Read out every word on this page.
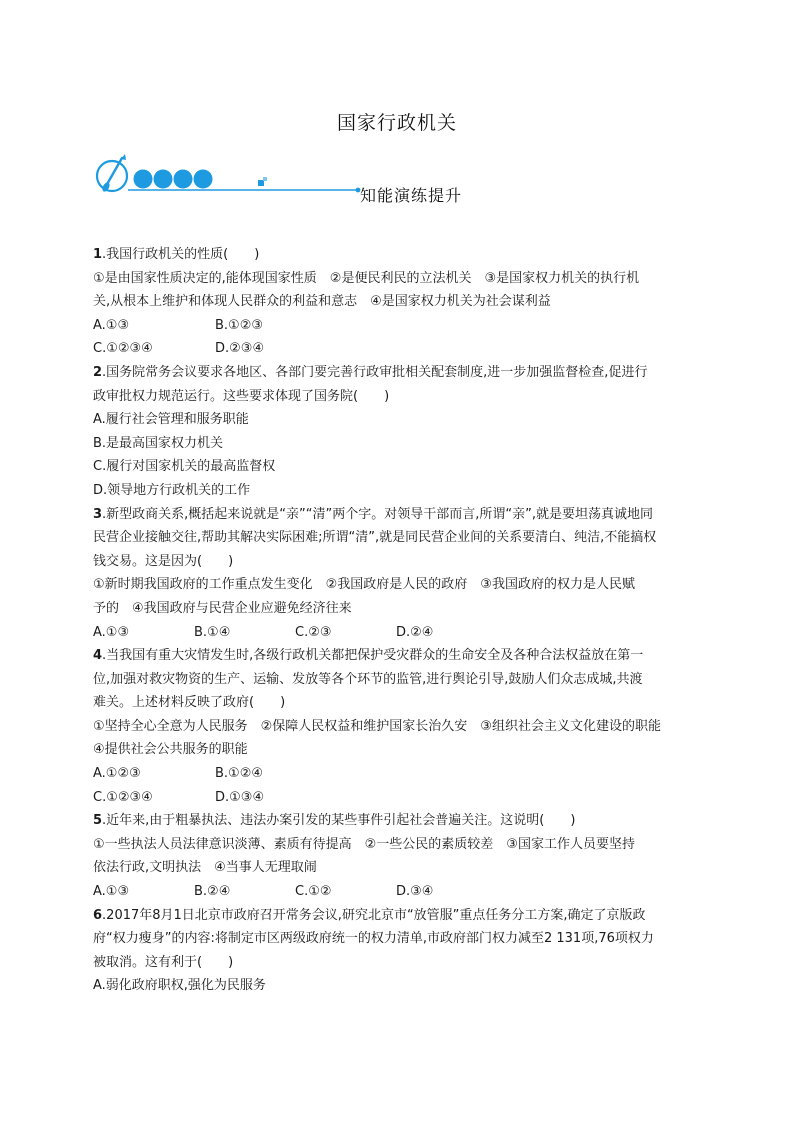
国家行政机关
知能演练提升
1.我国行政机关的性质(　　)
①是由国家性质决定的,能体现国家性质　②是便民利民的立法机关　③是国家权力机关的执行机
关,从根本上维护和体现人民群众的利益和意志　④是国家权力机关为社会谋利益
A.①③	B.①②③
C.①②③④	D.②③④
2.国务院常务会议要求各地区、各部门要完善行政审批相关配套制度,进一步加强监督检查,促进行
政审批权力规范运行。这些要求体现了国务院(　　)
A.履行社会管理和服务职能
B.是最高国家权力机关
C.履行对国家机关的最高监督权
D.领导地方行政机关的工作
3.新型政商关系,概括起来说就是“亲”“清”两个字。对领导干部而言,所谓“亲”,就是要坦荡真诚地同
民营企业接触交往,帮助其解决实际困难;所谓“清”,就是同民营企业间的关系要清白、纯洁,不能搞权
钱交易。这是因为(　　)
①新时期我国政府的工作重点发生变化　②我国政府是人民的政府　③我国政府的权力是人民赋
予的　④我国政府与民营企业应避免经济往来
A.①③	B.①④	C.②③	D.②④
4.当我国有重大灾情发生时,各级行政机关都把保护受灾群众的生命安全及各种合法权益放在第一
位,加强对救灾物资的生产、运输、发放等各个环节的监管,进行舆论引导,鼓励人们众志成城,共渡
难关。上述材料反映了政府(　　)
①坚持全心全意为人民服务　②保障人民权益和维护国家长治久安　③组织社会主义文化建设的职能
④提供社会公共服务的职能
A.①②③	B.①②④
C.①②③④	D.①③④
5.近年来,由于粗暴执法、违法办案引发的某些事件引起社会普遍关注。这说明(　　)
①一些执法人员法律意识淡薄、素质有待提高　②一些公民的素质较差　③国家工作人员要坚持
依法行政,文明执法　④当事人无理取闹
A.①③	B.②④	C.①②	D.③④
6.2017年8月1日北京市政府召开常务会议,研究北京市“放管服”重点任务分工方案,确定了京版政
府“权力瘦身”的内容:将制定市区两级政府统一的权力清单,市政府部门权力减至2 131项,76项权力
被取消。这有利于(　　)
A.弱化政府职权,强化为民服务
